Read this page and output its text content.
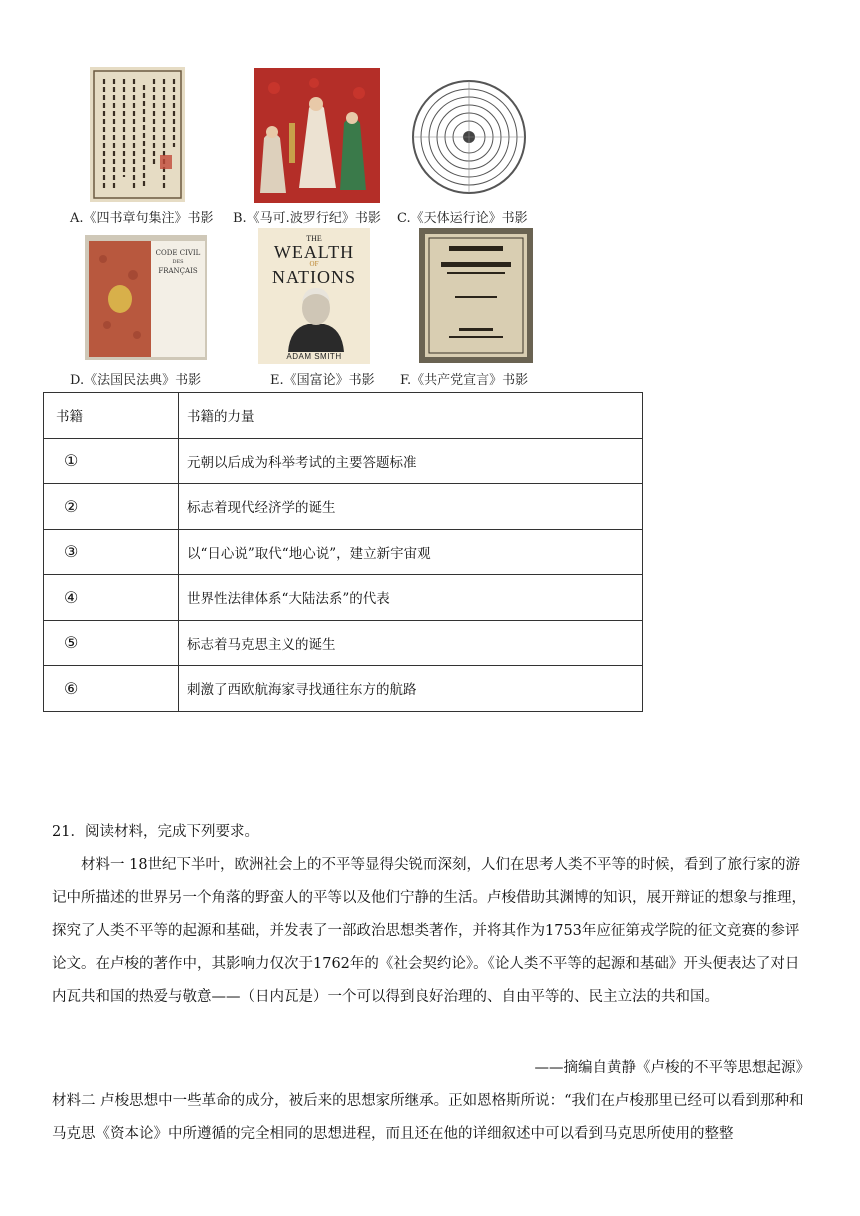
A.《四书章句集注》书影 B.《马可.波罗行纪》书影 C.《天体运行论》书影
CODE CIVIL
DES
FRANÇAIS
D.《法国民法典》书影
THE
WEALTH
OF
NATIONS
ADAM SMITH
E.《国富论》书影 F.《共产党宣言》书影
书籍	书籍的力量
①	元朝以后成为科举考试的主要答题标准
②	标志着现代经济学的诞生
③	以“日心说”取代“地心说”，建立新宇宙观
④	世界性法律体系“大陆法系”的代表
⑤	标志着马克思主义的诞生
⑥	刺激了西欧航海家寻找通往东方的航路
21．阅读材料，完成下列要求。
材料一 18世纪下半叶，欧洲社会上的不平等显得尖锐而深刻，人们在思考人类不平等的时候，看到了旅行家的游记中所描述的世界另一个角落的野蛮人的平等以及他们宁静的生活。卢梭借助其渊博的知识，展开辩证的想象与推理，探究了人类不平等的起源和基础，并发表了一部政治思想类著作，并将其作为1753年应征第戎学院的征文竞赛的参评论文。在卢梭的著作中，其影响力仅次于1762年的《社会契约论》。《论人类不平等的起源和基础》开头便表达了对日内瓦共和国的热爱与敬意——（日内瓦是）一个可以得到良好治理的、自由平等的、民主立法的共和国。
——摘编自黄静《卢梭的不平等思想起源》
材料二 卢梭思想中一些革命的成分，被后来的思想家所继承。正如恩格斯所说：“我们在卢梭那里已经可以看到那种和马克思《资本论》中所遵循的完全相同的思想进程，而且还在他的详细叙述中可以看到马克思所使用的整整
